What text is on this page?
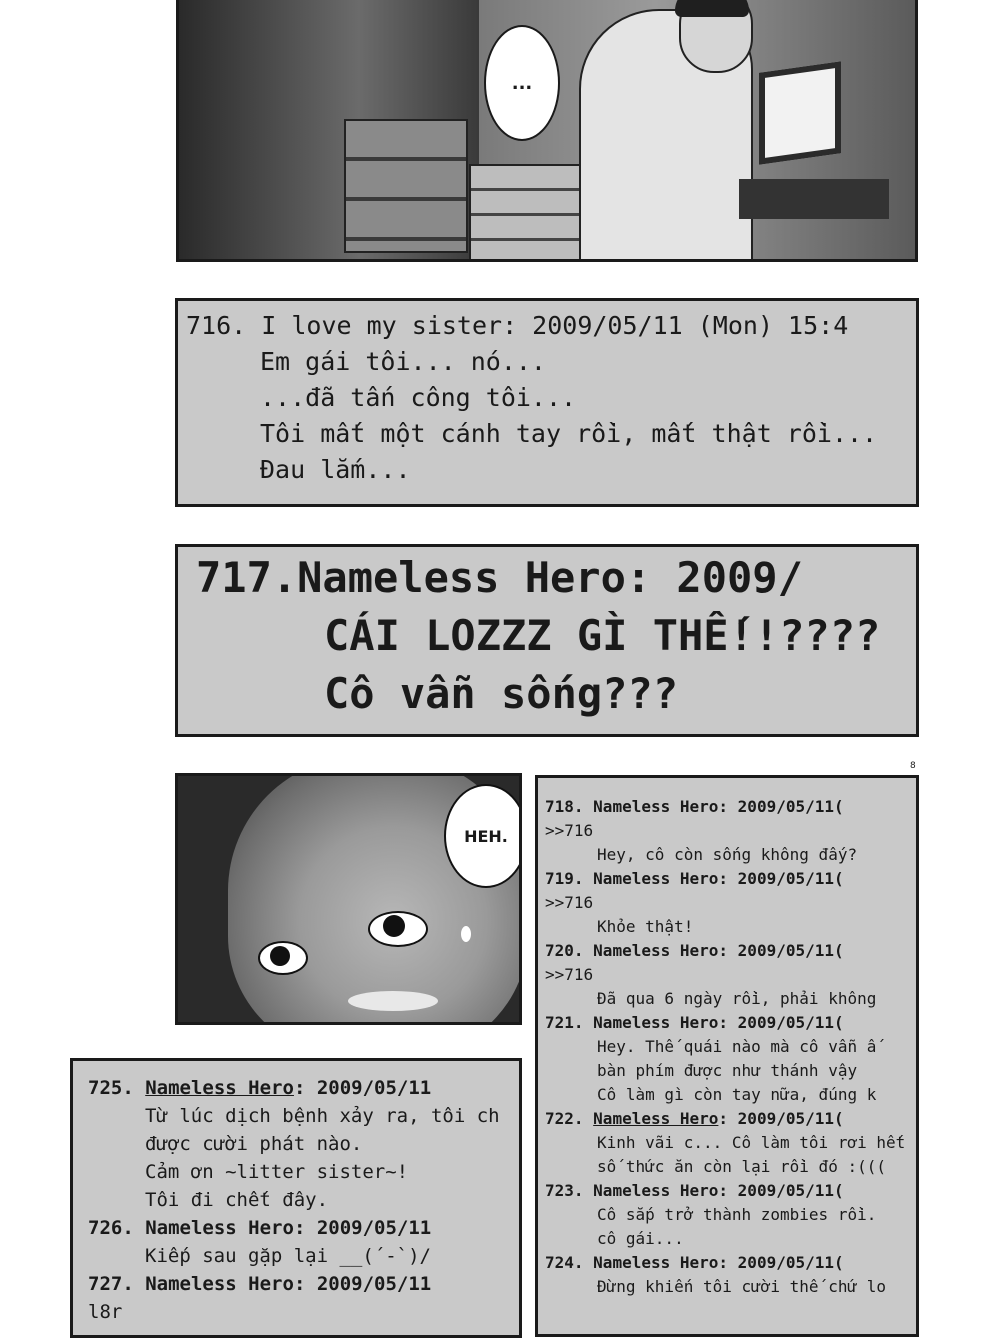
...
716. I love my sister: 2009/05/11 (Mon) 15:4
Em gái tôi... nó...
...đã tấn công tôi...
Tôi mất một cánh tay rồi, mất thật rồi...
Đau lắm...
717.Nameless Hero: 2009/
CÁI LOZZZ GÌ THẾ!!????
Cô vẫn sống???
HEH.
8
718. Nameless Hero: 2009/05/11(
>>716
Hey, cô còn sống không đấy?
719. Nameless Hero: 2009/05/11(
>>716
Khỏe thật!
720. Nameless Hero: 2009/05/11(
>>716
Đã qua 6 ngày rồi, phải không
721. Nameless Hero: 2009/05/11(
Hey. Thế quái nào mà cô vẫn ấ
bàn phím được như thánh vậy
Cô làm gì còn tay nữa, đúng k
722. Nameless Hero: 2009/05/11(
Kinh vãi c... Cô làm tôi rơi hết
số thức ăn còn lại rồi đó :(((
723. Nameless Hero: 2009/05/11(
Cô sắp trở thành zombies rồi.
cô gái...
724. Nameless Hero: 2009/05/11(
Đừng khiến tôi cười thế chứ lo
725. Nameless Hero: 2009/05/11
Từ lúc dịch bệnh xảy ra, tôi ch
được cười phát nào.
Cảm ơn ~litter sister~!
Tôi đi chết đây.
726. Nameless Hero: 2009/05/11
Kiếp sau gặp lại __(´-`)/
727. Nameless Hero: 2009/05/11
l8r
